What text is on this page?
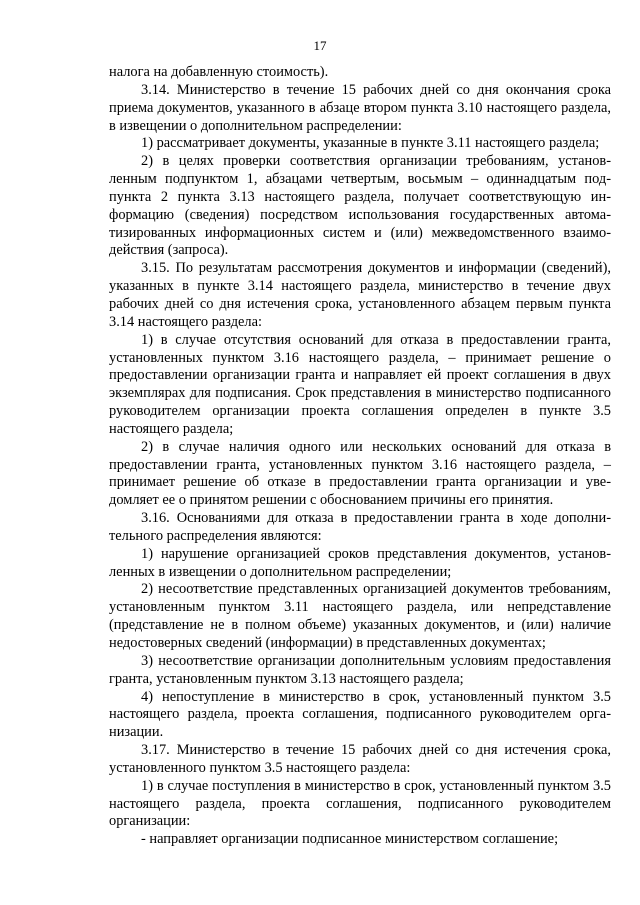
17

налога на добавленную стоимость).

3.14. Министерство в течение 15 рабочих дней со дня окончания срока приема документов, указанного в абзаце втором пункта 3.10 настоящего раздела, в извещении о дополнительном распределении:

1) рассматривает документы, указанные в пункте 3.11 настоящего раздела;

2) в целях проверки соответствия организации требованиям, установленным подпунктом 1, абзацами четвертым, восьмым – одиннадцатым подпункта 2 пункта 3.13 настоящего раздела, получает соответствующую информацию (сведения) посредством использования государственных автоматизированных информационных систем и (или) межведомственного взаимодействия (запроса).

3.15. По результатам рассмотрения документов и информации (сведений), указанных в пункте 3.14 настоящего раздела, министерство в течение двух рабочих дней со дня истечения срока, установленного абзацем первым пункта 3.14 настоящего раздела:

1) в случае отсутствия оснований для отказа в предоставлении гранта, установленных пунктом 3.16 настоящего раздела, – принимает решение о предоставлении организации гранта и направляет ей проект соглашения в двух экземплярах для подписания. Срок представления в министерство подписанного руководителем организации проекта соглашения определен в пункте 3.5 настоящего раздела;

2) в случае наличия одного или нескольких оснований для отказа в предоставлении гранта, установленных пунктом 3.16 настоящего раздела, – принимает решение об отказе в предоставлении гранта организации и уведомляет ее о принятом решении с обоснованием причины его принятия.

3.16. Основаниями для отказа в предоставлении гранта в ходе дополнительного распределения являются:

1) нарушение организацией сроков представления документов, установленных в извещении о дополнительном распределении;

2) несоответствие представленных организацией документов требованиям, установленным пунктом 3.11 настоящего раздела, или непредставление (представление не в полном объеме) указанных документов, и (или) наличие недостоверных сведений (информации) в представленных документах;

3) несоответствие организации дополнительным условиям предоставления гранта, установленным пунктом 3.13 настоящего раздела;

4) непоступление в министерство в срок, установленный пунктом 3.5 настоящего раздела, проекта соглашения, подписанного руководителем организации.

3.17. Министерство в течение 15 рабочих дней со дня истечения срока, установленного пунктом 3.5 настоящего раздела:

1) в случае поступления в министерство в срок, установленный пунктом 3.5 настоящего раздела, проекта соглашения, подписанного руководителем организации:

- направляет организации подписанное министерством соглашение;
